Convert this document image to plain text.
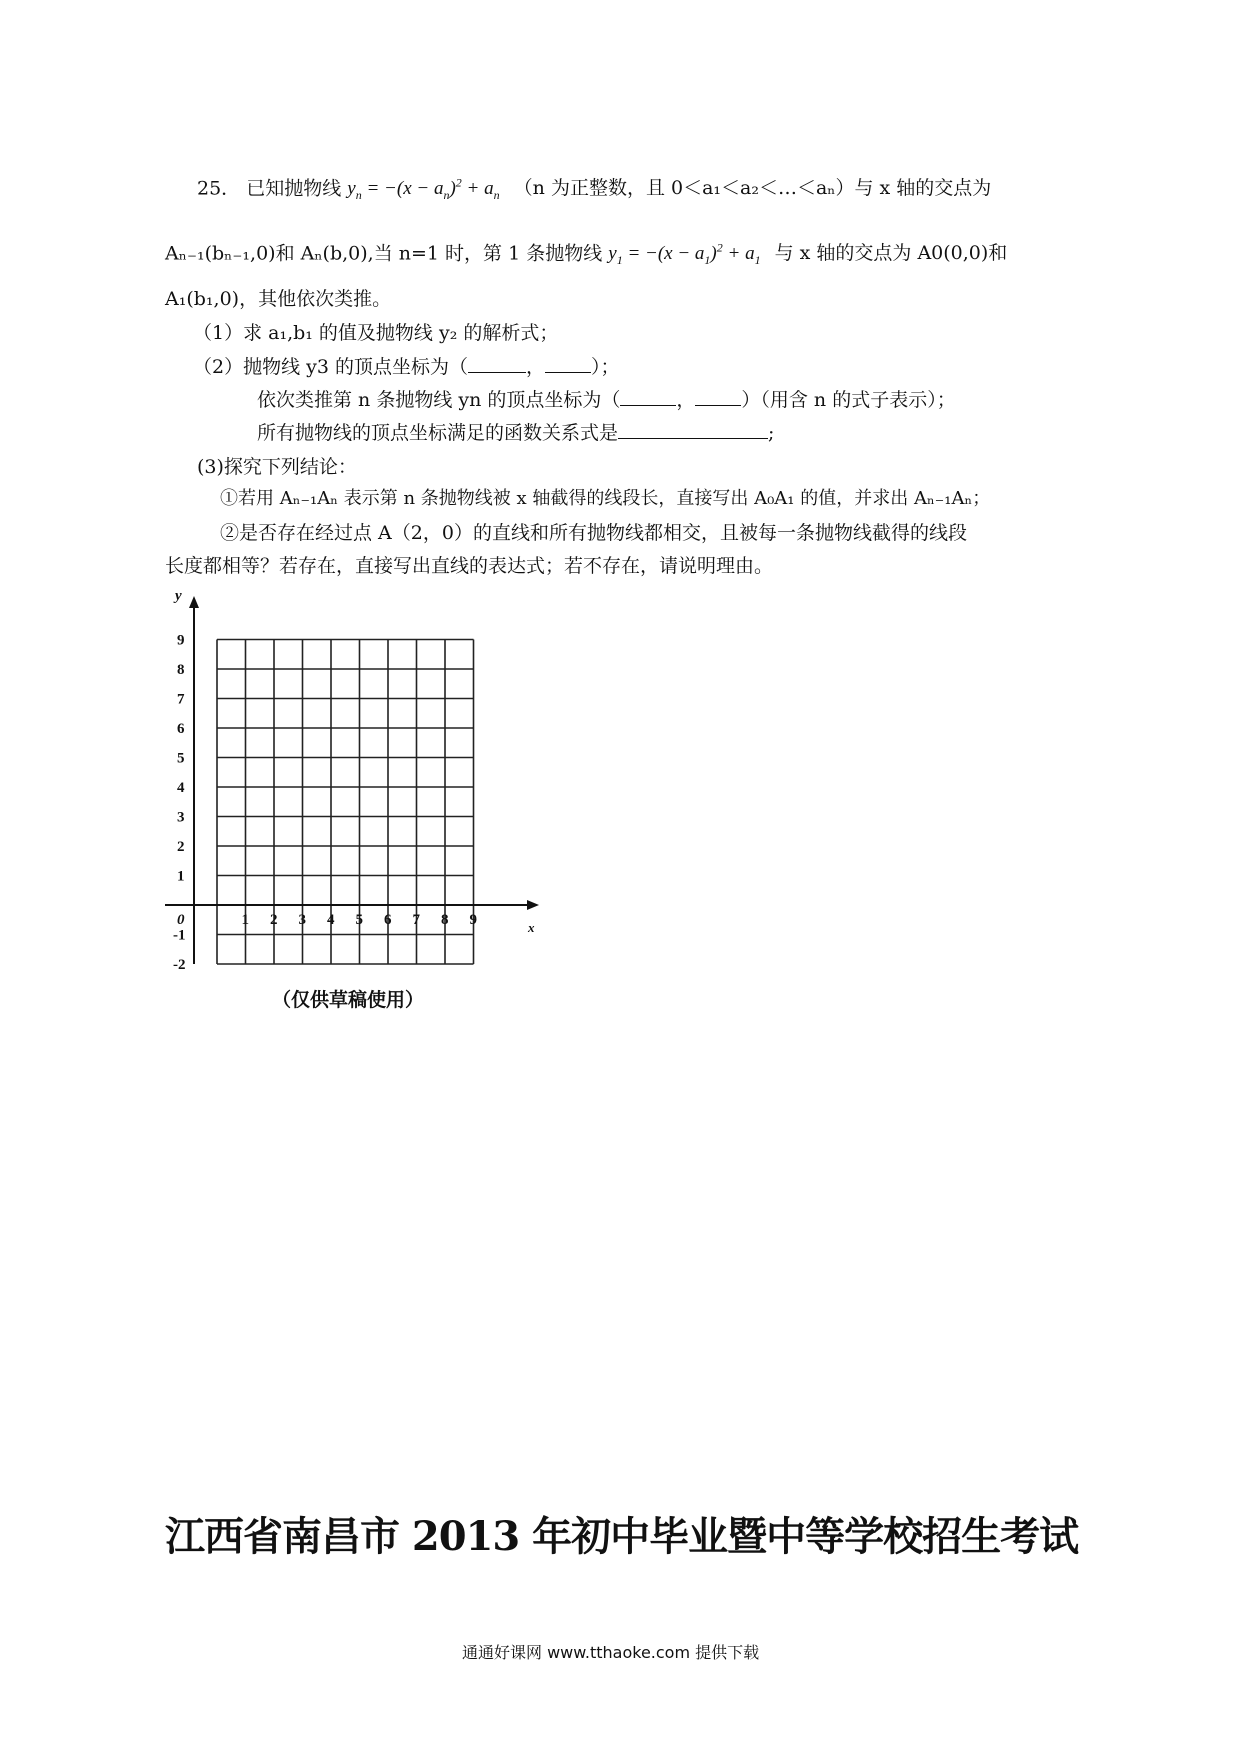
25． 已知抛物线 $y_n = -(x - a_n)^2 + a_n$ （n 为正整数，且 0＜a₁＜a₂＜…＜aₙ）与 x 轴的交点为
Aₙ₋₁(bₙ₋₁,0)和 Aₙ(b,0),当 n=1 时，第 1 条抛物线 $y_1 = -(x - a_1)^2 + a_1$ 与 x 轴的交点为 A0(0,0)和
A₁(b₁,0)，其他依次类推。
（1）求 a₁,b₁ 的值及抛物线 y₂ 的解析式；
（2）抛物线 y3 的顶点坐标为（	， ）；
依次类推第 n 条抛物线 yn 的顶点坐标为（	， ）（用含 n 的式子表示）；
所有抛物线的顶点坐标满足的函数关系式是	;
(3)探究下列结论：
①若用 Aₙ₋₁Aₙ 表示第 n 条抛物线被 x 轴截得的线段长，直接写出 A₀A₁ 的值，并求出 Aₙ₋₁Aₙ；
②是否存在经过点 A（2，0）的直线和所有抛物线都相交，且被每一条抛物线截得的线段
长度都相等？若存在，直接写出直线的表达式；若不存在，请说明理由。
9
8
7
6
5
4
3
2
1
-1
-2
1 2 3 4 5 6 7 8 9
0
y
x
（仅供草稿使用）
江西省南昌市 2013 年初中毕业暨中等学校招生考试
通通好课网 www.tthaoke.com 提供下载
